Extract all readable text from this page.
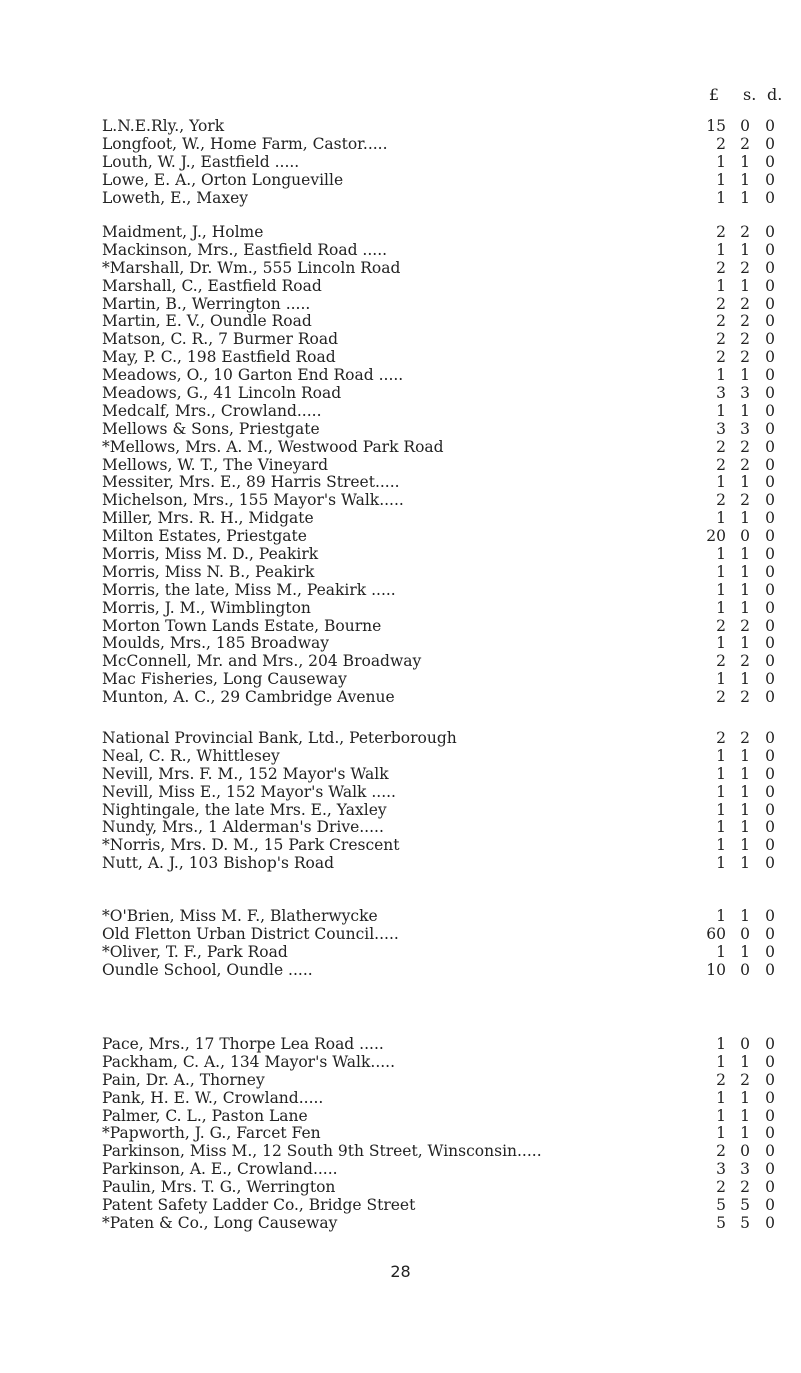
£	s. d.
L.N.E.Rly., York	15 0 0
Longfoot, W., Home Farm, Castor.....	2 2 0
Louth, W. J., Eastfield .....	1 1 0
Lowe, E. A., Orton Longueville	1 1 0
Loweth, E., Maxey	1 1 0
Maidment, J., Holme	2 2 0
Mackinson, Mrs., Eastfield Road .....	1 1 0
*Marshall, Dr. Wm., 555 Lincoln Road	2 2 0
Marshall, C., Eastfield Road	1 1 0
Martin, B., Werrington .....	2 2 0
Martin, E. V., Oundle Road	2 2 0
Matson, C. R., 7 Burmer Road	2 2 0
May, P. C., 198 Eastfield Road	2 2 0
Meadows, O., 10 Garton End Road .....	1 1 0
Meadows, G., 41 Lincoln Road	3 3 0
Medcalf, Mrs., Crowland.....	1 1 0
Mellows & Sons, Priestgate	3 3 0
*Mellows, Mrs. A. M., Westwood Park Road	2 2 0
Mellows, W. T., The Vineyard	2 2 0
Messiter, Mrs. E., 89 Harris Street.....	1 1 0
Michelson, Mrs., 155 Mayor's Walk.....	2 2 0
Miller, Mrs. R. H., Midgate	1 1 0
Milton Estates, Priestgate	20 0 0
Morris, Miss M. D., Peakirk	1 1 0
Morris, Miss N. B., Peakirk	1 1 0
Morris, the late, Miss M., Peakirk .....	1 1 0
Morris, J. M., Wimblington	1 1 0
Morton Town Lands Estate, Bourne	2 2 0
Moulds, Mrs., 185 Broadway	1 1 0
McConnell, Mr. and Mrs., 204 Broadway	2 2 0
Mac Fisheries, Long Causeway	1 1 0
Munton, A. C., 29 Cambridge Avenue	2 2 0
National Provincial Bank, Ltd., Peterborough	2 2 0
Neal, C. R., Whittlesey	1 1 0
Nevill, Mrs. F. M., 152 Mayor's Walk	1 1 0
Nevill, Miss E., 152 Mayor's Walk .....	1 1 0
Nightingale, the late Mrs. E., Yaxley	1 1 0
Nundy, Mrs., 1 Alderman's Drive.....	1 1 0
*Norris, Mrs. D. M., 15 Park Crescent	1 1 0
Nutt, A. J., 103 Bishop's Road	1 1 0
*O'Brien, Miss M. F., Blatherwycke	1 1 0
Old Fletton Urban District Council.....	60 0 0
*Oliver, T. F., Park Road	1 1 0
Oundle School, Oundle .....	10 0 0
Pace, Mrs., 17 Thorpe Lea Road .....	1 0 0
Packham, C. A., 134 Mayor's Walk.....	1 1 0
Pain, Dr. A., Thorney	2 2 0
Pank, H. E. W., Crowland.....	1 1 0
Palmer, C. L., Paston Lane	1 1 0
*Papworth, J. G., Farcet Fen	1 1 0
Parkinson, Miss M., 12 South 9th Street, Winsconsin.....	2 0 0
Parkinson, A. E., Crowland.....	3 3 0
Paulin, Mrs. T. G., Werrington	2 2 0
Patent Safety Ladder Co., Bridge Street	5 5 0
*Paten & Co., Long Causeway	5 5 0
28
